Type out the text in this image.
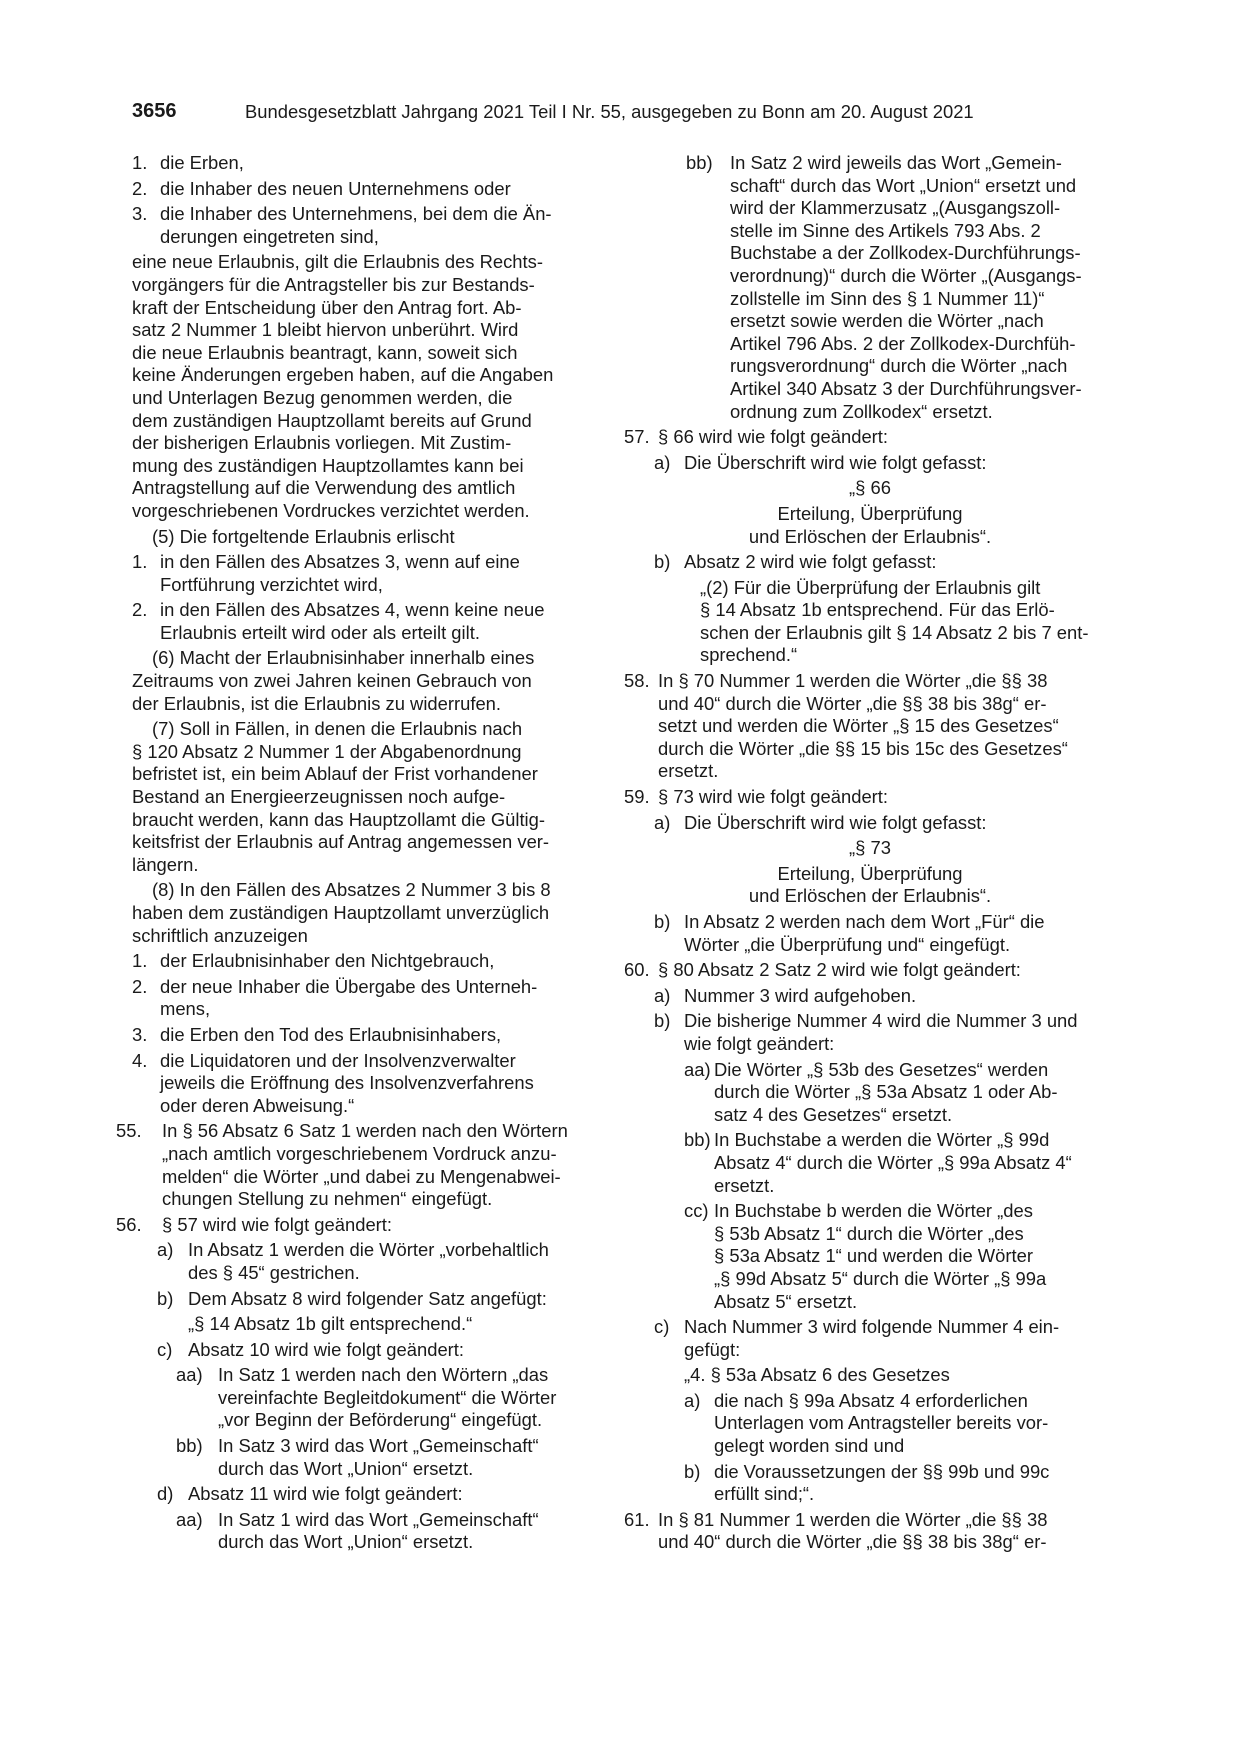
3656	Bundesgesetzblatt Jahrgang 2021 Teil I Nr. 55, ausgegeben zu Bonn am 20. August 2021
1. die Erben,
2. die Inhaber des neuen Unternehmens oder
3. die Inhaber des Unternehmens, bei dem die Än-
derungen eingetreten sind,
eine neue Erlaubnis, gilt die Erlaubnis des Rechts-
vorgängers für die Antragsteller bis zur Bestands-
kraft der Entscheidung über den Antrag fort. Ab-
satz 2 Nummer 1 bleibt hiervon unberührt. Wird
die neue Erlaubnis beantragt, kann, soweit sich
keine Änderungen ergeben haben, auf die Angaben
und Unterlagen Bezug genommen werden, die
dem zuständigen Hauptzollamt bereits auf Grund
der bisherigen Erlaubnis vorliegen. Mit Zustim-
mung des zuständigen Hauptzollamtes kann bei
Antragstellung auf die Verwendung des amtlich
vorgeschriebenen Vordruckes verzichtet werden.
(5) Die fortgeltende Erlaubnis erlischt
1. in den Fällen des Absatzes 3, wenn auf eine
Fortführung verzichtet wird,
2. in den Fällen des Absatzes 4, wenn keine neue
Erlaubnis erteilt wird oder als erteilt gilt.
(6) Macht der Erlaubnisinhaber innerhalb eines
Zeitraums von zwei Jahren keinen Gebrauch von
der Erlaubnis, ist die Erlaubnis zu widerrufen.
(7) Soll in Fällen, in denen die Erlaubnis nach
§ 120 Absatz 2 Nummer 1 der Abgabenordnung
befristet ist, ein beim Ablauf der Frist vorhandener
Bestand an Energieerzeugnissen noch aufge-
braucht werden, kann das Hauptzollamt die Gültig-
keitsfrist der Erlaubnis auf Antrag angemessen ver-
längern.
(8) In den Fällen des Absatzes 2 Nummer 3 bis 8
haben dem zuständigen Hauptzollamt unverzüglich
schriftlich anzuzeigen
1. der Erlaubnisinhaber den Nichtgebrauch,
2. der neue Inhaber die Übergabe des Unterneh-
mens,
3. die Erben den Tod des Erlaubnisinhabers,
4. die Liquidatoren und der Insolvenzverwalter
jeweils die Eröffnung des Insolvenzverfahrens
oder deren Abweisung.“
55. In § 56 Absatz 6 Satz 1 werden nach den Wörtern
„nach amtlich vorgeschriebenem Vordruck anzu-
melden“ die Wörter „und dabei zu Mengenabwei-
chungen Stellung zu nehmen“ eingefügt.
56. § 57 wird wie folgt geändert:
a) In Absatz 1 werden die Wörter „vorbehaltlich
des § 45“ gestrichen.
b) Dem Absatz 8 wird folgender Satz angefügt:
„§ 14 Absatz 1b gilt entsprechend.“
c) Absatz 10 wird wie folgt geändert:
aa) In Satz 1 werden nach den Wörtern „das
vereinfachte Begleitdokument“ die Wörter
„vor Beginn der Beförderung“ eingefügt.
bb) In Satz 3 wird das Wort „Gemeinschaft“
durch das Wort „Union“ ersetzt.
d) Absatz 11 wird wie folgt geändert:
aa) In Satz 1 wird das Wort „Gemeinschaft“
durch das Wort „Union“ ersetzt.
bb) In Satz 2 wird jeweils das Wort „Gemein-
schaft“ durch das Wort „Union“ ersetzt und
wird der Klammerzusatz „(Ausgangszoll-
stelle im Sinne des Artikels 793 Abs. 2
Buchstabe a der Zollkodex-Durchführungs-
verordnung)“ durch die Wörter „(Ausgangs-
zollstelle im Sinn des § 1 Nummer 11)“
ersetzt sowie werden die Wörter „nach
Artikel 796 Abs. 2 der Zollkodex-Durchfüh-
rungsverordnung“ durch die Wörter „nach
Artikel 340 Absatz 3 der Durchführungsver-
ordnung zum Zollkodex“ ersetzt.
57. § 66 wird wie folgt geändert:
a) Die Überschrift wird wie folgt gefasst:
„§ 66
Erteilung, Überprüfung
und Erlöschen der Erlaubnis“.
b) Absatz 2 wird wie folgt gefasst:
„(2) Für die Überprüfung der Erlaubnis gilt
§ 14 Absatz 1b entsprechend. Für das Erlö-
schen der Erlaubnis gilt § 14 Absatz 2 bis 7 ent-
sprechend.“
58. In § 70 Nummer 1 werden die Wörter „die §§ 38
und 40“ durch die Wörter „die §§ 38 bis 38g“ er-
setzt und werden die Wörter „§ 15 des Gesetzes“
durch die Wörter „die §§ 15 bis 15c des Gesetzes“
ersetzt.
59. § 73 wird wie folgt geändert:
a) Die Überschrift wird wie folgt gefasst:
„§ 73
Erteilung, Überprüfung
und Erlöschen der Erlaubnis“.
b) In Absatz 2 werden nach dem Wort „Für“ die
Wörter „die Überprüfung und“ eingefügt.
60. § 80 Absatz 2 Satz 2 wird wie folgt geändert:
a) Nummer 3 wird aufgehoben.
b) Die bisherige Nummer 4 wird die Nummer 3 und
wie folgt geändert:
aa) Die Wörter „§ 53b des Gesetzes“ werden
durch die Wörter „§ 53a Absatz 1 oder Ab-
satz 4 des Gesetzes“ ersetzt.
bb) In Buchstabe a werden die Wörter „§ 99d
Absatz 4“ durch die Wörter „§ 99a Absatz 4“
ersetzt.
cc) In Buchstabe b werden die Wörter „des
§ 53b Absatz 1“ durch die Wörter „des
§ 53a Absatz 1“ und werden die Wörter
„§ 99d Absatz 5“ durch die Wörter „§ 99a
Absatz 5“ ersetzt.
c) Nach Nummer 3 wird folgende Nummer 4 ein-
gefügt:
„4. § 53a Absatz 6 des Gesetzes
a) die nach § 99a Absatz 4 erforderlichen
Unterlagen vom Antragsteller bereits vor-
gelegt worden sind und
b) die Voraussetzungen der §§ 99b und 99c
erfüllt sind;“.
61. In § 81 Nummer 1 werden die Wörter „die §§ 38
und 40“ durch die Wörter „die §§ 38 bis 38g“ er-
